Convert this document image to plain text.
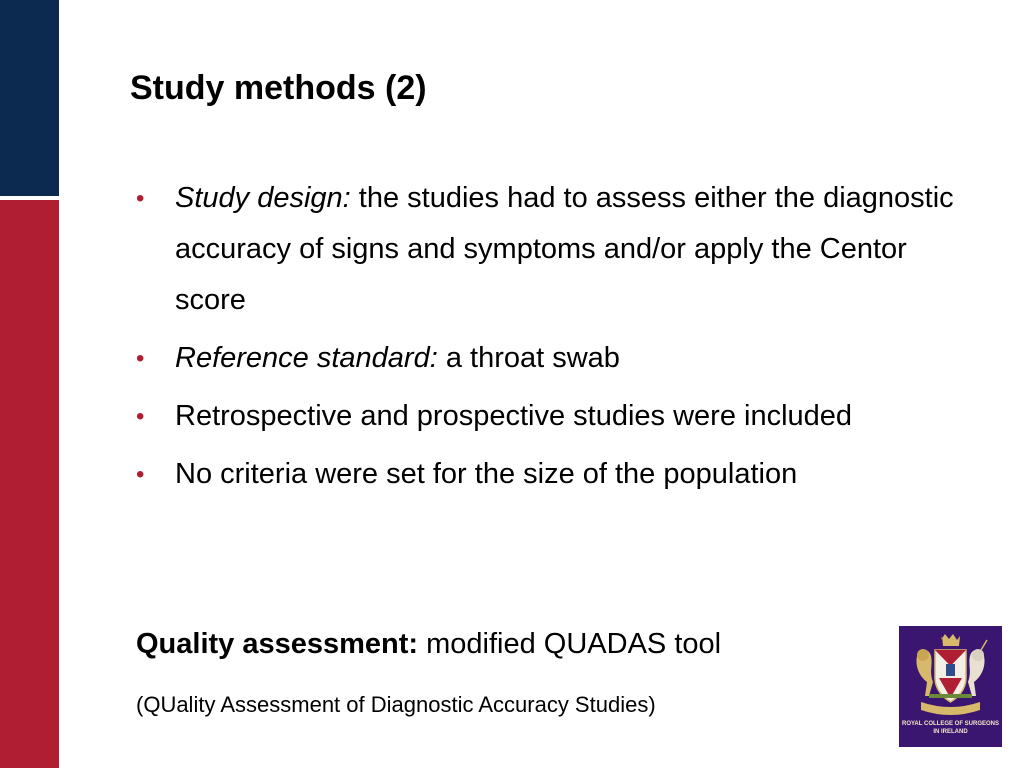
Study methods (2)
• Study design: the studies had to assess either the diagnostic accuracy of signs and symptoms and/or apply the Centor score
• Reference standard: a throat swab
• Retrospective and prospective studies were included
• No criteria were set for the size of the population
Quality assessment: modified QUADAS tool
(QUality Assessment of Diagnostic Accuracy Studies)
ROYAL COLLEGE OF SURGEONS
IN IRELAND
